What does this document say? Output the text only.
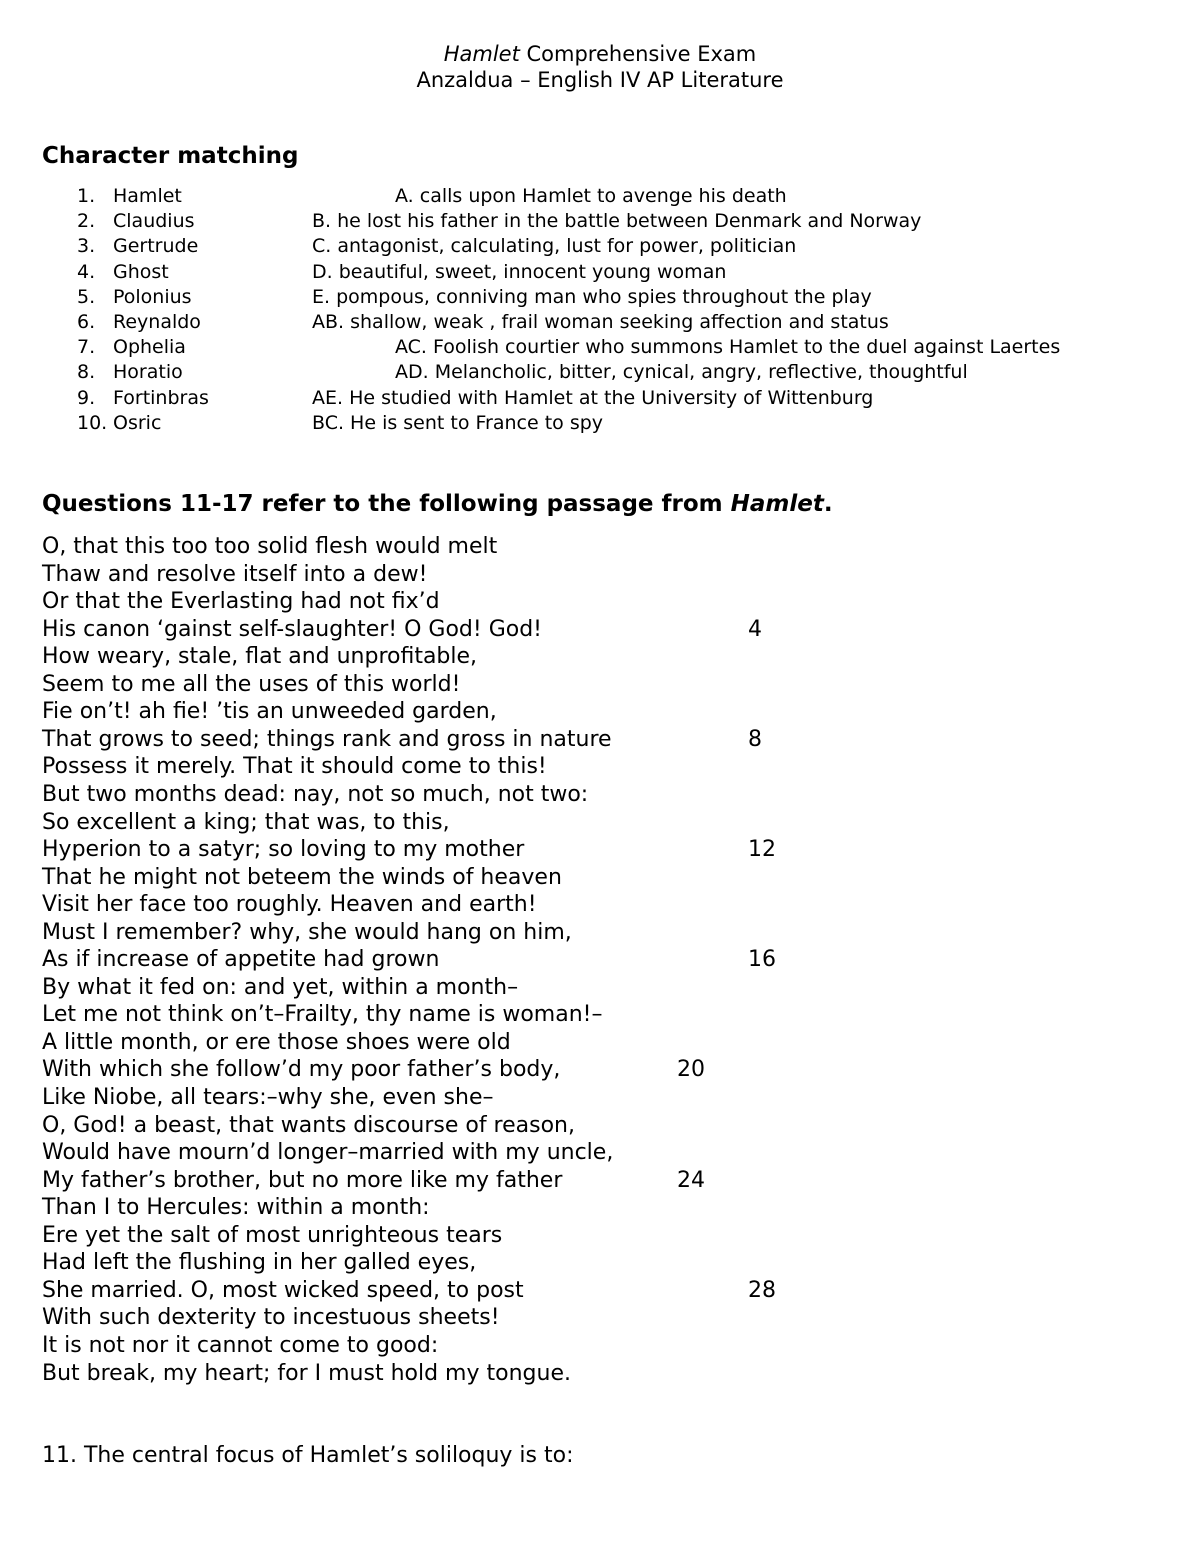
Hamlet Comprehensive Exam
Anzaldua – English IV AP Literature
Character matching
1. Hamlet	A. calls upon Hamlet to avenge his death
2. Claudius	B. he lost his father in the battle between Denmark and Norway
3. Gertrude	C. antagonist, calculating, lust for power, politician
4. Ghost	D. beautiful, sweet, innocent young woman
5. Polonius	E. pompous, conniving man who spies throughout the play
6. Reynaldo	AB. shallow, weak , frail woman seeking affection and status
7. Ophelia	AC. Foolish courtier who summons Hamlet to the duel against Laertes
8. Horatio	AD. Melancholic, bitter, cynical, angry, reflective, thoughtful
9. Fortinbras	AE. He studied with Hamlet at the University of Wittenburg
10. Osric	BC. He is sent to France to spy
Questions 11-17 refer to the following passage from Hamlet.
O, that this too too solid flesh would melt
Thaw and resolve itself into a dew!
Or that the Everlasting had not fix’d
His canon ‘gainst self-slaughter! O God! God!
How weary, stale, flat and unprofitable,
Seem to me all the uses of this world!
Fie on’t! ah fie! ’tis an unweeded garden,
That grows to seed; things rank and gross in nature
Possess it merely. That it should come to this!
But two months dead: nay, not so much, not two:
So excellent a king; that was, to this,
Hyperion to a satyr; so loving to my mother
That he might not beteem the winds of heaven
Visit her face too roughly. Heaven and earth!
Must I remember? why, she would hang on him,
As if increase of appetite had grown
By what it fed on: and yet, within a month–
Let me not think on’t–Frailty, thy name is woman!–
A little month, or ere those shoes were old
With which she follow’d my poor father’s body,
Like Niobe, all tears:–why she, even she–
O, God! a beast, that wants discourse of reason,
Would have mourn’d longer–married with my uncle,
My father’s brother, but no more like my father
Than I to Hercules: within a month:
Ere yet the salt of most unrighteous tears
Had left the flushing in her galled eyes,
She married. O, most wicked speed, to post
With such dexterity to incestuous sheets!
It is not nor it cannot come to good:
But break, my heart; for I must hold my tongue.
4
8
12
16
20
24
28
11. The central focus of Hamlet’s soliloquy is to:
